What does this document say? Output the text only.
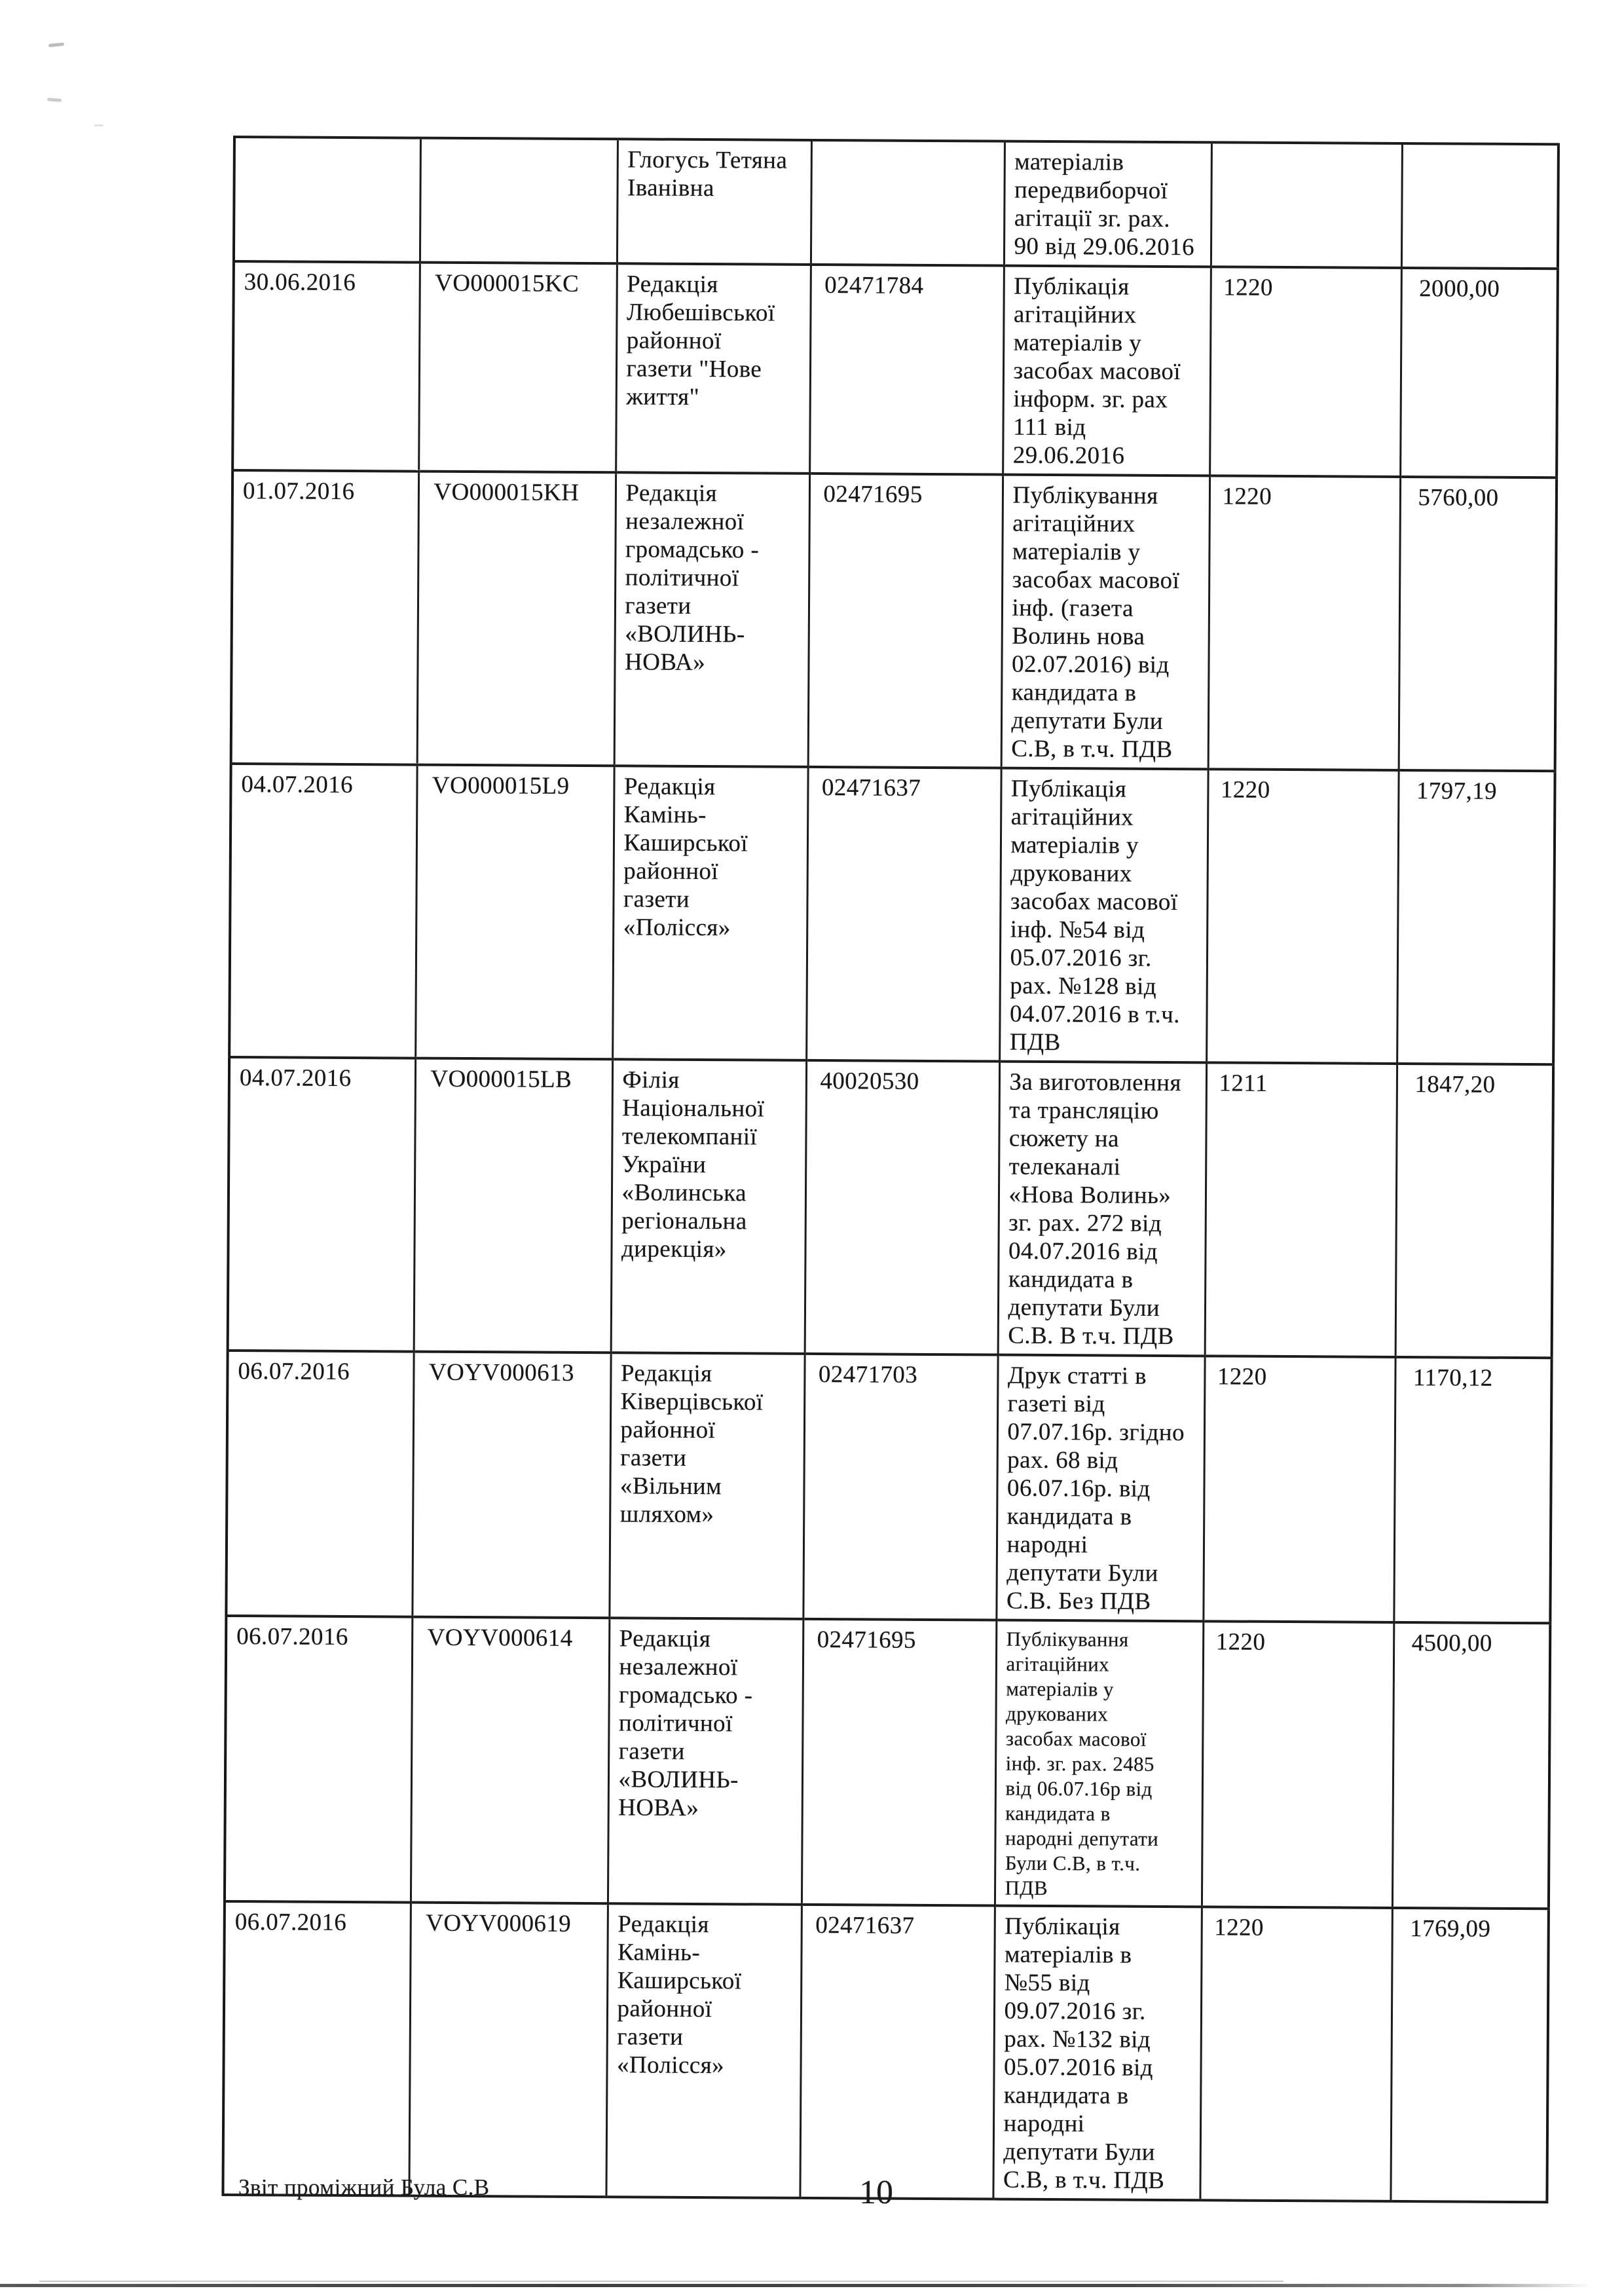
		Глогусь Тетяна
Іванівна		матеріалів
передвиборчої
агітації зг. рах.
90 від 29.06.2016		
30.06.2016	VO000015KC	Редакція
Любешівської
районної
газети "Нове
життя"	02471784	Публікація
агітаційних
матеріалів у
засобах масової
інформ. зг. рах
111 від
29.06.2016	1220	2000,00
01.07.2016	VO000015KH	Редакція
незалежної
громадсько -
політичної
газети
«ВОЛИНЬ-
НОВА»	02471695	Публікування
агітаційних
матеріалів у
засобах масової
інф. (газета
Волинь нова
02.07.2016) від
кандидата в
депутати Були
С.В, в т.ч. ПДВ	1220	5760,00
04.07.2016	VO000015L9	Редакція
Камінь-
Каширської
районної
газети
«Полісся»	02471637	Публікація
агітаційних
матеріалів у
друкованих
засобах масової
інф. №54 від
05.07.2016 зг.
рах. №128 від
04.07.2016 в т.ч.
ПДВ	1220	1797,19
04.07.2016	VO000015LB	Філія
Національної
телекомпанії
України
«Волинська
регіональна
дирекція»	40020530	За виготовлення
та трансляцію
сюжету на
телеканалі
«Нова Волинь»
зг. рах. 272 від
04.07.2016 від
кандидата в
депутати Були
С.В. В т.ч. ПДВ	1211	1847,20
06.07.2016	VOYV000613	Редакція
Ківерцівської
районної
газети
«Вільним
шляхом»	02471703	Друк статті в
газеті від
07.07.16р. згідно
рах. 68 від
06.07.16р. від
кандидата в
народні
депутати Були
С.В. Без ПДВ	1220	1170,12
06.07.2016	VOYV000614	Редакція
незалежної
громадсько -
політичної
газети
«ВОЛИНЬ-
НОВА»	02471695	Публікування
агітаційних
матеріалів у
друкованих
засобах масової
інф. зг. рах. 2485
від 06.07.16р від
кандидата в
народні депутати
Були С.В, в т.ч.
ПДВ	1220	4500,00
06.07.2016	VOYV000619	Редакція
Камінь-
Каширської
районної
газети
«Полісся»	02471637	Публікація
матеріалів в
№55 від
09.07.2016 зг.
рах. №132 від
05.07.2016 від
кандидата в
народні
депутати Були
С.В, в т.ч. ПДВ	1220	1769,09
Звіт проміжний Була С.В	10
